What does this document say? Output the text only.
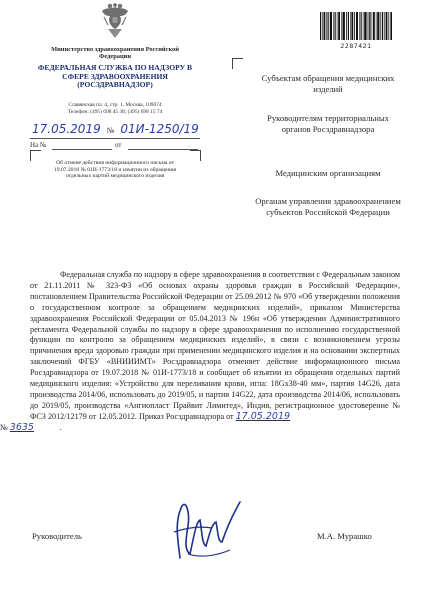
Министерство здравоохранения Российской Федерации
ФЕДЕРАЛЬНАЯ СЛУЖБА ПО НАДЗОРУ В СФЕРЕ ЗДРАВООХРАНЕНИЯ (РОСЗДРАВНАДЗОР)
Славянская пл. 4, стр. 1, Москва, 109074
Телефон: (495) 698 45 38; (495) 698 15 74
17.05.2019 № 01И-1250/19
На №	от
Об отмене действия информационного письма от 19.07.2018 № 01И-1773/18 и изъятии из обращения отдельных партий медицинского изделия
2287421
Субъектам обращения медицинских изделий
Руководителям территориальных органов Росздравнадзора
Медицинским организациям
Органам управления здравоохранением субъектов Российской Федерации
Федеральная служба по надзору в сфере здравоохранения в соответствии с Федеральным законом от 21.11.2011 № 323-ФЗ «Об основах охраны здоровья граждан в Российской Федерации», постановлением Правительства Российской Федерации от 25.09.2012 № 970 «Об утверждении положения о государственном контроле за обращением медицинских изделий», приказом Министерства здравоохранения Российской Федерации от 05.04.2013 № 196н «Об утверждении Административного регламента Федеральной службы по надзору в сфере здравоохранения по исполнению государственной функции по контролю за обращением медицинских изделий», в связи с возникновением угрозы причинения вреда здоровью граждан при применении медицинского изделия и на основании экспертных заключений ФГБУ «ВНИИИМТ» Росздравнадзора отменяет действие информационного письма Росздравнадзора от 19.07.2018 № 01И-1773/18 и сообщает об изъятии из обращения отдельных партий медицинского изделия: «Устройство для переливания крови, игла: 18Gx38-40 мм», партия 14G26, дата производства 2014/06, использовать до 2019/05, и партия 14G22, дата производства 2014/06, использовать до 2019/05, производства «Ангиопласт Прайвит Лимитед», Индия, регистрационное удостоверение № ФСЗ 2012/12179 от 12.05.2012. Приказ Росздравнадзора от 17.05.2019
№ 3635	.
Руководитель	М.А. Мурашко
